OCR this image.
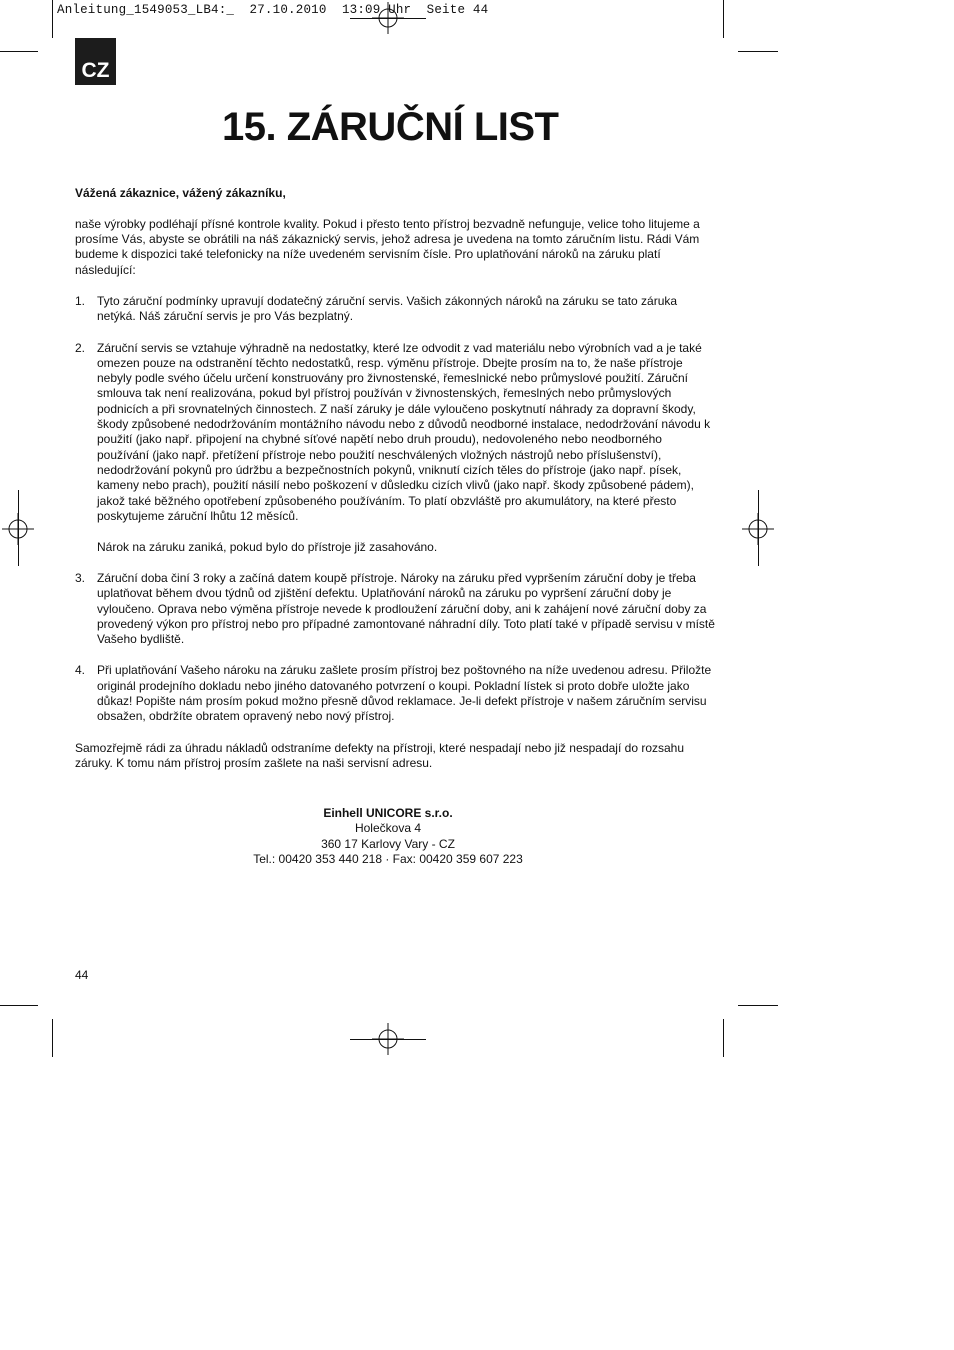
Anleitung_1549053_LB4:_  27.10.2010  13:09 Uhr  Seite 44
CZ
15. ZÁRUČNÍ LIST

Vážená zákaznice, vážený zákazníku,

naše výrobky podléhají přísné kontrole kvality. Pokud i přesto tento přístroj bezvadně nefunguje, velice toho litujeme a prosíme Vás, abyste se obrátili na náš zákaznický servis, jehož adresa je uvedena na tomto záručním listu. Rádi Vám budeme k dispozici také telefonicky na níže uvedeném servisním čísle. Pro uplatňování nároků na záruku platí následující:

1. Tyto záruční podmínky upravují dodatečný záruční servis. Vašich zákonných nároků na záruku se tato záruka netýká. Náš záruční servis je pro Vás bezplatný.
2. Záruční servis se vztahuje výhradně na nedostatky, které lze odvodit z vad materiálu nebo výrobních vad a je také omezen pouze na odstranění těchto nedostatků, resp. výměnu přístroje. Dbejte prosím na to, že naše přístroje nebyly podle svého účelu určení konstruovány pro živnostenské, řemeslnické nebo průmyslové použití. Záruční smlouva tak není realizována, pokud byl přístroj používán v živnostenských, řemeslných nebo průmyslových podnicích a při srovnatelných činnostech. Z naší záruky je dále vyloučeno poskytnutí náhrady za dopravní škody, škody způsobené nedodržováním montážního návodu nebo z důvodů neodborné instalace, nedodržování návodu k použití (jako např. připojení na chybné síťové napětí nebo druh proudu), nedovoleného nebo neodborného používání (jako např. přetížení přístroje nebo použití neschválených vložných nástrojů nebo příslušenství), nedodržování pokynů pro údržbu a bezpečnostních pokynů, vniknutí cizích těles do přístroje (jako např. písek, kameny nebo prach), použití násilí nebo poškození v důsledku cizích vlivů (jako např. škody způsobené pádem), jakož také běžného opotřebení způsobeného používáním. To platí obzvláště pro akumulátory, na které přesto poskytujeme záruční lhůtu 12 měsíců.
Nárok na záruku zaniká, pokud bylo do přístroje již zasahováno.
3. Záruční doba činí 3 roky a začíná datem koupě přístroje. Nároky na záruku před vypršením záruční doby je třeba uplatňovat během dvou týdnů od zjištění defektu. Uplatňování nároků na záruku po vypršení záruční doby je vyloučeno. Oprava nebo výměna přístroje nevede k prodloužení záruční doby, ani k zahájení nové záruční doby za provedený výkon pro přístroj nebo pro případné zamontované náhradní díly. Toto platí také v případě servisu v místě Vašeho bydliště.
4. Při uplatňování Vašeho nároku na záruku zašlete prosím přístroj bez poštovného na níže uvedenou adresu. Přiložte originál prodejního dokladu nebo jiného datovaného potvrzení o koupi. Pokladní lístek si proto dobře uložte jako důkaz! Popište nám prosím pokud možno přesně důvod reklamace. Je-li defekt přístroje v našem záručním servisu obsažen, obdržíte obratem opravený nebo nový přístroj.

Samozřejmě rádi za úhradu nákladů odstraníme defekty na přístroji, které nespadají nebo již nespadají do rozsahu záruky. K tomu nám přístroj prosím zašlete na naši servisní adresu.

Einhell UNICORE s.r.o.
Holečkova 4
360 17 Karlovy Vary - CZ
Tel.: 00420 353 440 218 · Fax: 00420 359 607 223
44
